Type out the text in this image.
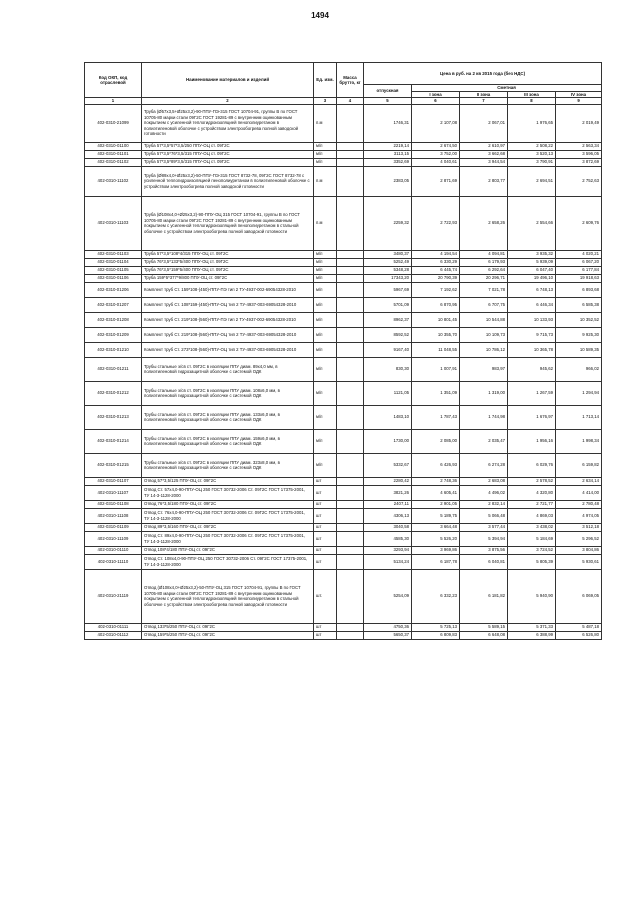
1494
Код ОКП, код отраслевой	Наименование материалов и изделий	Ед. изм.	Масса брутто, кг	Цена в руб. на 2 кв 2015 года (без НДС)				
				отпускная	Сметная			
					I зона	II зона	III зона	IV зона
1	2	3	4	5	6	7	8	9
402-0310-21099	Труба (Ø57х3,5+Ø25х3,2)-90-ППУ-ПЭ-315 ГОСТ 10704-91, группы В по ГОСТ 10705-80 марки стали 09Г2С ГОСТ 19281-89 с внутренним оцинкованным покрытием с усиленной теплогидроизоляцией пенополиуретаном в полиэтиленовой оболочке с устройством электрообогрева полной заводской готовности	п.м		1746,31	2 107,08	2 067,01	1 976,65	2 019,49
402-0310-01100	Труба 57*3,5*57*3,5/250 ППУ-ОЦ ст. 09Г2С	м/п		2219,14	2 674,50	2 610,97	2 508,22	2 563,34
402-0310-01101	Труба 57*3,5*76*3,5/315 ППУ-ОЦ ст. 09Г2С	м/п		3113,15	3 752,00	3 662,68	3 520,13	3 596,05
402-0310-01102	Труба 57*3,5*89*3,5/315 ППУ-ОЦ ст. 09Г2С	м/п		3352,69	4 040,61	3 944,54	3 790,91	3 872,69
402-0310-11102	Труба (Ø89х4,0+Ø25х3,2)-50-ППУ-ПЭ-315 ГОСТ 8732-78, 09Г2С ГОСТ 8732-78 с усиленной теплогидроизоляцией пенополиуретаном в полиэтиленовой оболочке с устройством электрообогрева полной заводской готовности	п.м		2383,05	2 871,69	2 803,77	2 694,51	2 752,63
402-0310-11103	Труба (Ø108х4,0+Ø25х3,2)-90-ППУ-ОЦ 315 ГОСТ 10704-91, группы В по ГОСТ 10705-80 марки стали 09Г2С ГОСТ 19281-89 с внутренним оцинкованным покрытием с усиленной теплогидроизоляцией пенополиуретаном в стальной оболочке с устройством электрообогрева полной заводской готовности	п.м		2259,32	2 722,93	2 658,26	2 554,66	2 609,76
402-0310-01103	Труба 57*3,5*108*4/315 ППУ-ОЦ ст. 09Г2С	м/п		3480,37	4 194,54	4 094,81	3 935,32	4 020,21
402-0310-01104	Труба 76*3,5*133*5/400 ППУ-ОЦ ст. 09Г2С	м/п		5252,49	6 330,29	6 179,93	5 939,09	6 067,20
402-0310-01105	Труба 76*3,5*159*5/400 ППУ-ОЦ ст. 09Г2С	м/п		5348,28	6 445,74	6 292,64	6 047,40	6 177,84
402-0310-01106	Труба 159*5*377*9/800 ППУ-ОЦ ст. 09Г2С	м/п		17343,20	20 790,39	20 296,71	19 496,10	19 918,63
402-0310-01206	Комплект труб Ст. 159*108-(450)-ППУ-ПЭ тип 2 ТУ-4937-002-69054328-2010	м/п		5967,69	7 192,62	7 021,78	6 748,13	6 893,68
402-0310-01207	Комплект труб Ст. 108*159-(450)-ППУ-ОЦ тип 2 ТУ-4937-003-69054328-2010	м/п		5701,09	6 870,95	6 707,75	6 446,34	6 585,38
402-0310-01208	Комплект труб Ст. 219*108-(560)-ППУ-ПЭ тип 2 ТУ-4937-002-69054328-2010	м/п		8962,37	10 801,45	10 544,88	10 133,93	10 352,52
402-0310-01209	Комплект труб Ст. 219*108-(560)-ППУ-ОЦ тип 2 ТУ-4937-003-69054328-2010	м/п		8592,52	10 355,70	10 109,73	9 715,73	9 925,30
402-0310-01210	Комплект труб Ст. 273*108-(560)-ППУ-ОЦ тип 2 ТУ-4937-003-69054328-2010	м/п		9167,40	11 048,55	10 786,12	10 365,78	10 589,35
402-0310-01211	Трубы стальные э/св ст. 09Г2С в изоляции ППУ диам. 89х4,0 мм, в полиэтиленовой гидрозащитной оболочке с системой ОДК	м/п		830,30	1 007,91	983,97	945,62	966,02
402-0310-01212	Трубы стальные э/св ст. 09Г2С в изоляции ППУ диам. 108х6,0 мм, в полиэтиленовой гидрозащитной оболочке с системой ОДК	м/п		1121,05	1 351,09	1 319,00	1 267,59	1 294,94
402-0310-01213	Трубы стальные э/св ст. 09Г2С в изоляции ППУ диам. 133х6,0 мм, в полиэтиленовой гидрозащитной оболочке с системой ОДК	м/п		1483,10	1 787,43	1 744,98	1 676,97	1 713,14
402-0310-01214	Трубы стальные э/св ст. 09Г2С в изоляции ППУ диам. 159х6,0 мм, в полиэтиленовой гидрозащитной оболочке с системой ОДК	м/п		1730,00	2 085,00	2 035,47	1 956,16	1 998,34
402-0310-01215	Трубы стальные э/св ст. 09Г2С в изоляции ППУ диам. 323х8,0 мм, в полиэтиленовой гидрозащитной оболочке с системой ОДК	м/п		5332,67	6 426,93	6 274,28	6 029,76	6 159,82
402-0310-01107	Отвод 57*3,5/125 ППУ-ОЦ ст. 09Г2С	шт		2280,42	2 748,36	2 683,08	2 578,52	2 634,14
402-0310-11107	Отвод Ст. 57х4,0-90-ППУ-ОЦ 250 ГОСТ 30732-2006 Ст. 09Г2С ГОСТ 17375-2001, ТУ 14-3-1128-2000	шт		3821,26	4 605,41	4 496,02	4 320,80	4 414,00
402-0310-01108	Отвод 76*3,5/180 ППУ-ОЦ ст. 09Г2С	шт		2407,11	2 901,05	2 832,14	2 721,77	2 780,48
402-0310-11108	Отвод Ст. 76х4,0-90-ППУ-ОЦ 250 ГОСТ 30732-2006 Ст. 09Г2С ГОСТ 17375-2001, ТУ 14-3-1128-2000	шт		4306,13	5 189,75	5 066,48	4 869,03	4 974,05
402-0310-01109	Отвод 89*3,5/160 ППУ-ОЦ ст. 09Г2С	шт		3040,58	3 664,48	3 577,44	3 438,02	3 512,18
402-0310-11109	Отвод Ст. 89х4,0-90-ППУ-ОЦ 250 ГОСТ 30732-2006 Ст. 09Г2С ГОСТ 17375-2001, ТУ 14-3-1128-2000	шт		4585,30	5 526,20	5 394,94	5 184,69	5 296,52
402-0310-01110	Отвод 108*4/180 ППУ-ОЦ ст. 09Г2С	шт		3293,94	3 969,86	3 875,56	3 724,52	3 804,86
402-0310-11110	Отвод Ст. 108х4,0-90-ППУ-ОЦ 250 ГОСТ 30732-2006 Ст. 09Г2С ГОСТ 17375-2001, ТУ 14-3-1128-2000	шт		5134,24	6 187,78	6 040,81	5 805,39	5 930,61
402-0310-21119	Отвод (Ø108х4,0+Ø25х3,2)-50-ППУ-ОЦ 315 ГОСТ 10704-91, группы В по ГОСТ 10705-80 марки стали 09Г2С ГОСТ 19281-89 с внутренним оцинкованным покрытием с усиленной теплогидроизоляцией пенополиуретаном в стальной оболочке с устройством электрообогрева полной заводской готовности	шт.		5254,09	6 332,23	6 181,82	5 940,90	6 069,05
402-0310-01111	Отвод 133*5/250 ППУ-ОЦ ст. 09Г2С	шт		4750,36	5 725,13	5 589,15	5 371,33	5 487,18
402-0310-01112	Отвод 159*5/250 ППУ-ОЦ ст. 09Г2С	шт		5650,37	6 809,83	6 648,08	6 388,99	6 526,80
